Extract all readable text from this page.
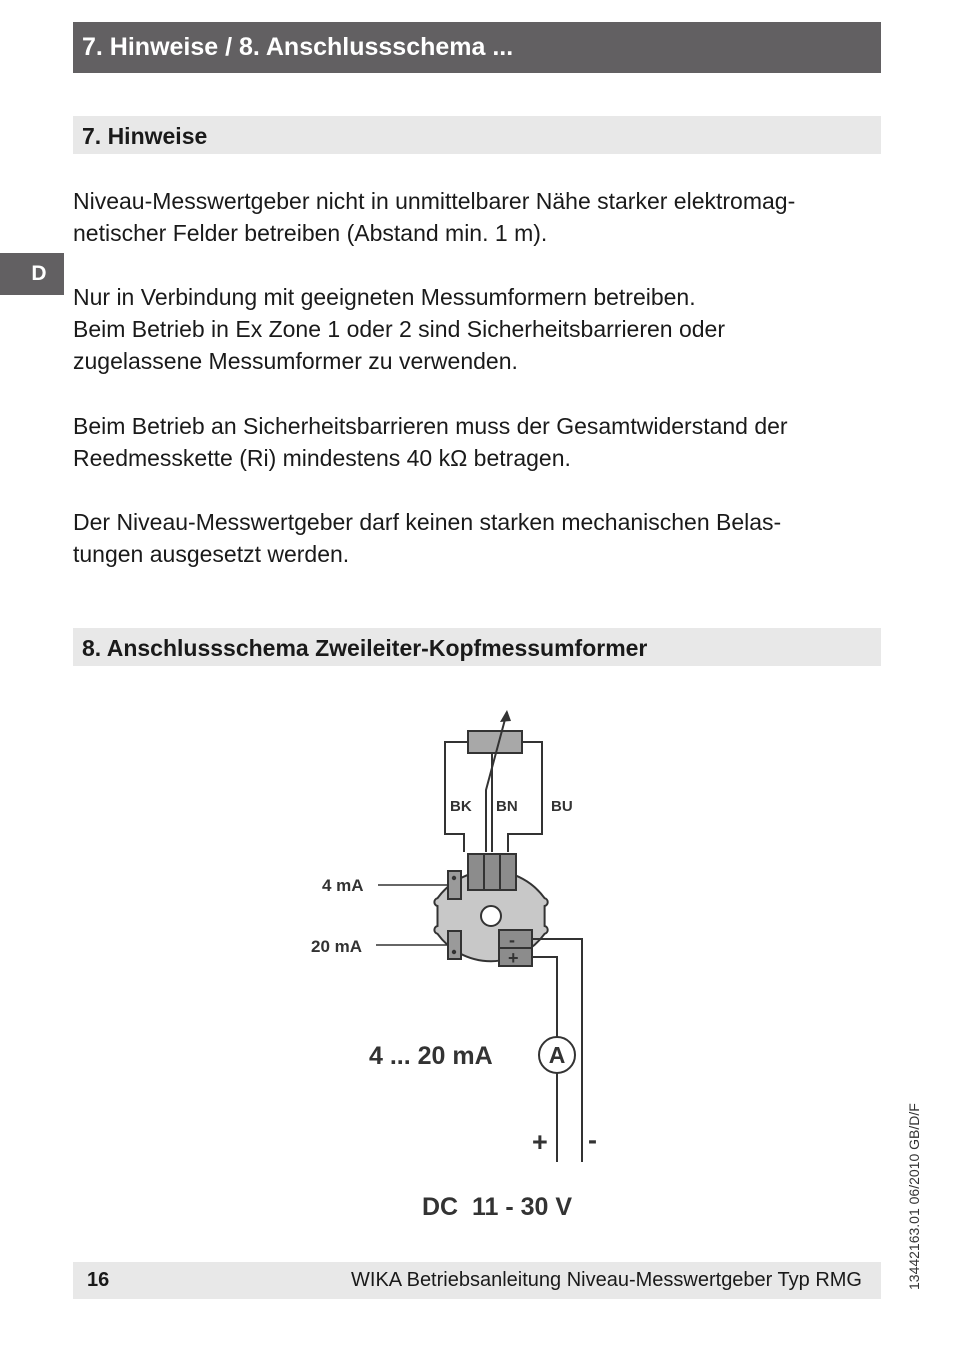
7. Hinweise / 8. Anschlussschema ...
D
7. Hinweise

Niveau-Messwertgeber nicht in unmittelbarer Nähe starker elektromag-
netischer Felder betreiben (Abstand min. 1 m).

Nur in Verbindung mit geeigneten Messumformern betreiben.
Beim Betrieb in Ex Zone 1 oder 2 sind Sicherheitsbarrieren oder
zugelassene Messumformer zu verwenden.

Beim Betrieb an Sicherheitsbarrieren muss der Gesamtwiderstand der
Reedmesskette (Ri) mindestens 40 kΩ betragen.

Der Niveau-Messwertgeber darf keinen starken mechanischen Belas-
tungen ausgesetzt werden.

8. Anschlussschema Zweileiter-Kopfmessumformer
BK BN BU
-
+
4 mA
20 mA
A
4 ... 20 mA
+ -
DC  11 - 30 V	13442163.01 06/2010 GB/D/F
16	WIKA Betriebsanleitung Niveau-Messwertgeber Typ RMG
